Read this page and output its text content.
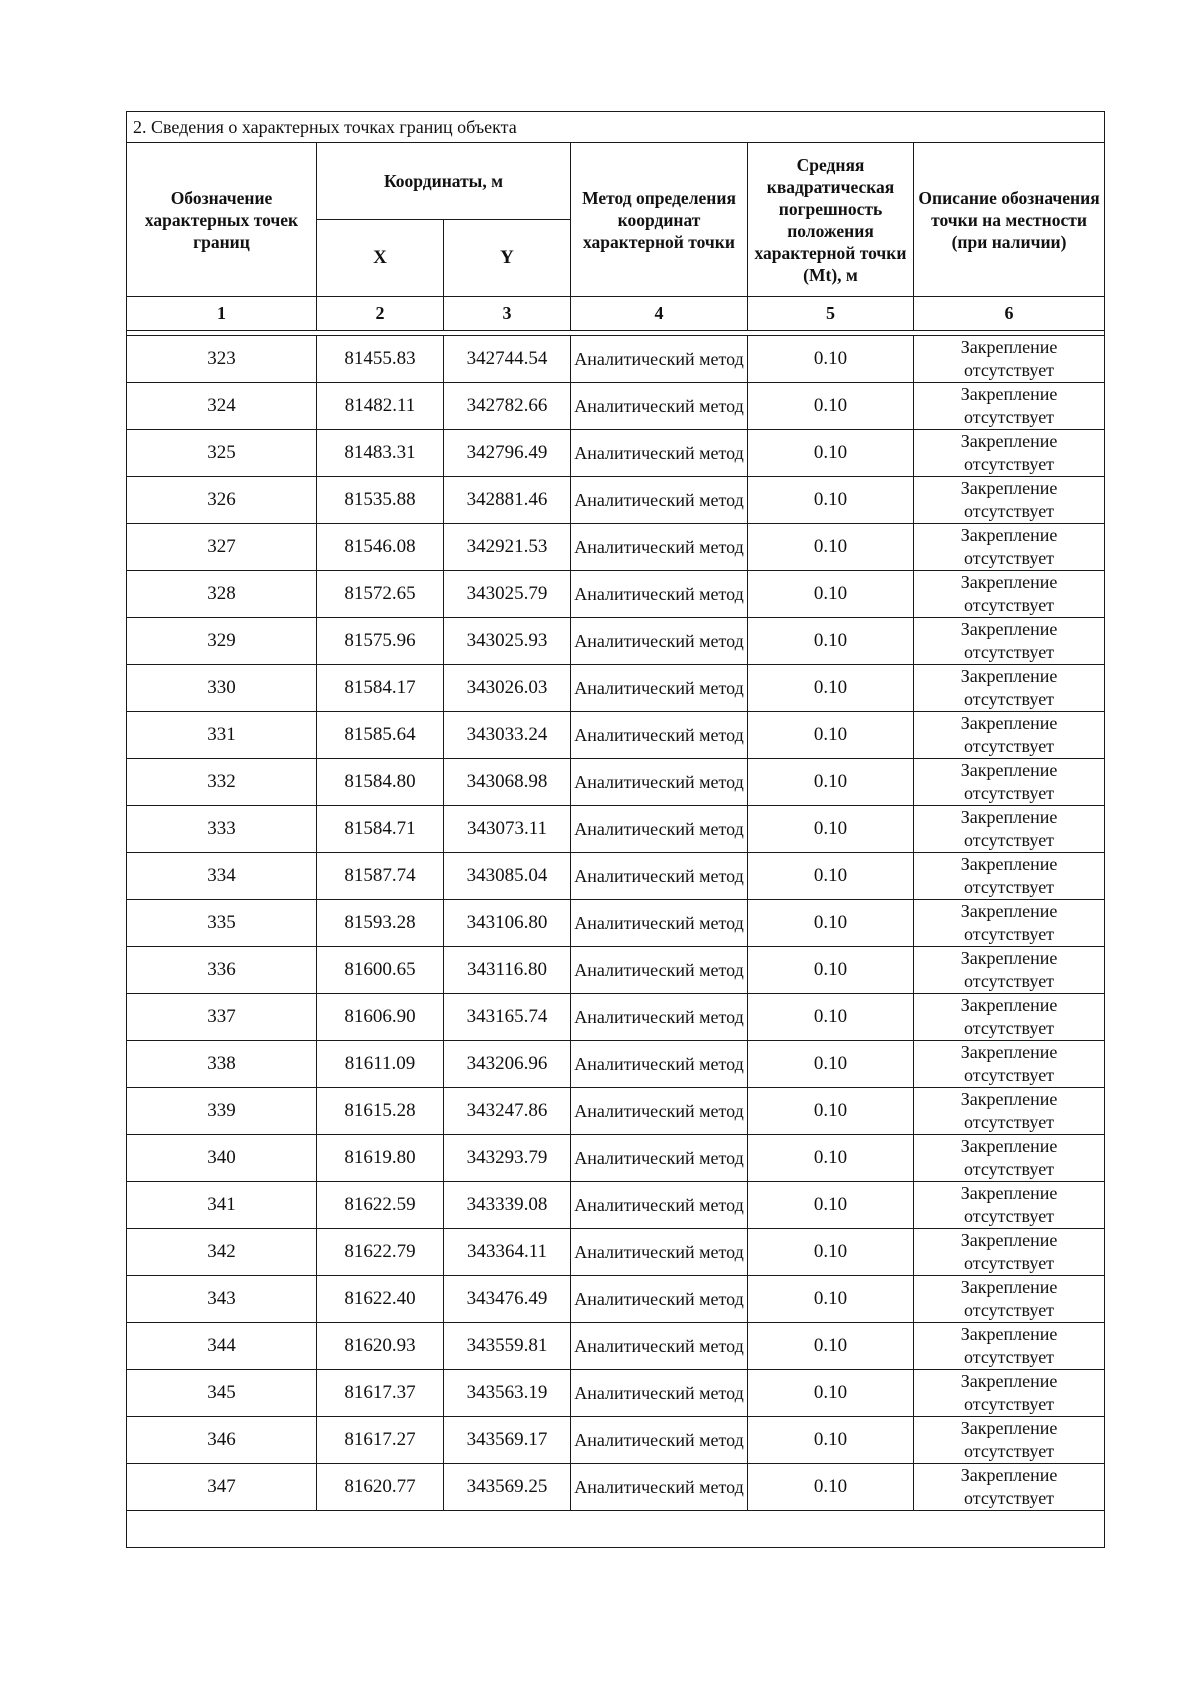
2. Сведения о характерных точках границ объекта					
Обозначение характерных точек границ	Координаты, м		Метод определения координат характерной точки	Средняя квадратическая погрешность положения характерной точки (Mt), м	Описание обозначения точки на местности (при наличии)
	X	Y			
1	2	3	4	5	6

323	81455.83	342744.54	Аналитический метод	0.10	Закрепление отсутствует
324	81482.11	342782.66	Аналитический метод	0.10	Закрепление отсутствует
325	81483.31	342796.49	Аналитический метод	0.10	Закрепление отсутствует
326	81535.88	342881.46	Аналитический метод	0.10	Закрепление отсутствует
327	81546.08	342921.53	Аналитический метод	0.10	Закрепление отсутствует
328	81572.65	343025.79	Аналитический метод	0.10	Закрепление отсутствует
329	81575.96	343025.93	Аналитический метод	0.10	Закрепление отсутствует
330	81584.17	343026.03	Аналитический метод	0.10	Закрепление отсутствует
331	81585.64	343033.24	Аналитический метод	0.10	Закрепление отсутствует
332	81584.80	343068.98	Аналитический метод	0.10	Закрепление отсутствует
333	81584.71	343073.11	Аналитический метод	0.10	Закрепление отсутствует
334	81587.74	343085.04	Аналитический метод	0.10	Закрепление отсутствует
335	81593.28	343106.80	Аналитический метод	0.10	Закрепление отсутствует
336	81600.65	343116.80	Аналитический метод	0.10	Закрепление отсутствует
337	81606.90	343165.74	Аналитический метод	0.10	Закрепление отсутствует
338	81611.09	343206.96	Аналитический метод	0.10	Закрепление отсутствует
339	81615.28	343247.86	Аналитический метод	0.10	Закрепление отсутствует
340	81619.80	343293.79	Аналитический метод	0.10	Закрепление отсутствует
341	81622.59	343339.08	Аналитический метод	0.10	Закрепление отсутствует
342	81622.79	343364.11	Аналитический метод	0.10	Закрепление отсутствует
343	81622.40	343476.49	Аналитический метод	0.10	Закрепление отсутствует
344	81620.93	343559.81	Аналитический метод	0.10	Закрепление отсутствует
345	81617.37	343563.19	Аналитический метод	0.10	Закрепление отсутствует
346	81617.27	343569.17	Аналитический метод	0.10	Закрепление отсутствует
347	81620.77	343569.25	Аналитический метод	0.10	Закрепление отсутствует
